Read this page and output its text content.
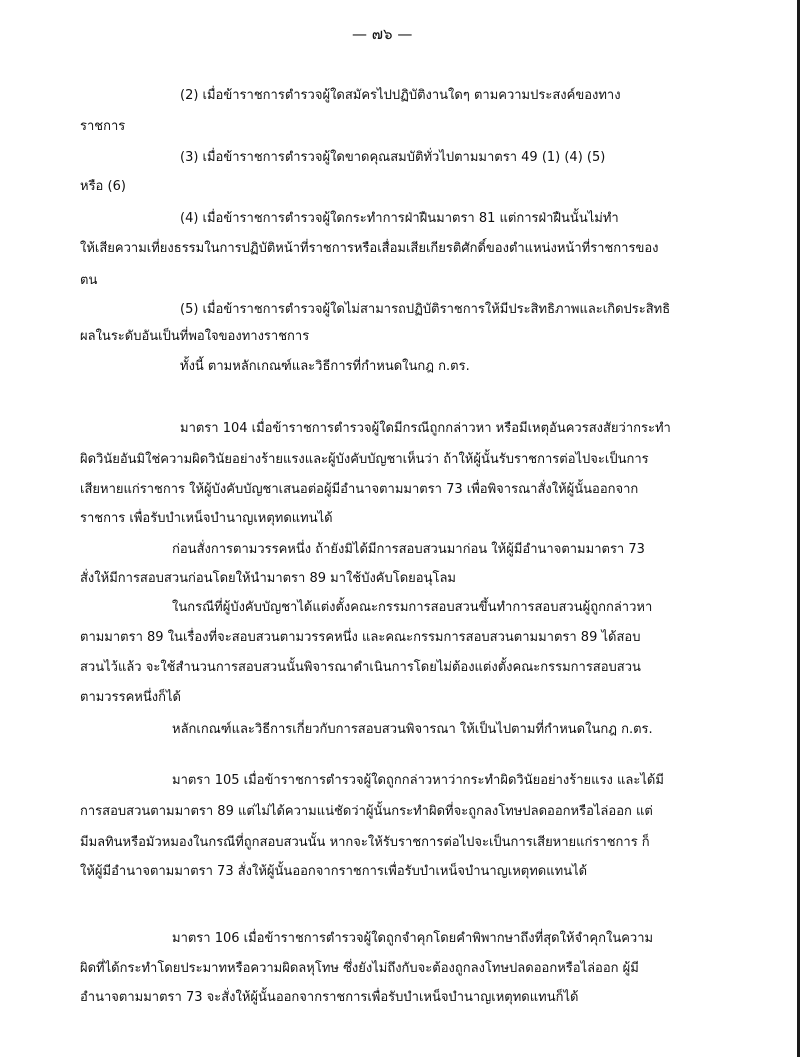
— ๗๖ —
(2) เมื่อข้าราชการตำรวจผู้ใดสมัครไปปฏิบัติงานใดๆ ตามความประสงค์ของทาง
ราชการ
(3) เมื่อข้าราชการตำรวจผู้ใดขาดคุณสมบัติทั่วไปตามมาตรา 49 (1) (4) (5)
หรือ (6)
(4) เมื่อข้าราชการตำรวจผู้ใดกระทำการฝ่าฝืนมาตรา 81 แต่การฝ่าฝืนนั้นไม่ทำ
ให้เสียความเที่ยงธรรมในการปฏิบัติหน้าที่ราชการหรือเสื่อมเสียเกียรติศักดิ์ของตำแหน่งหน้าที่ราชการของ
ตน
(5) เมื่อข้าราชการตำรวจผู้ใดไม่สามารถปฏิบัติราชการให้มีประสิทธิภาพและเกิดประสิทธิ
ผลในระดับอันเป็นที่พอใจของทางราชการ
ทั้งนี้ ตามหลักเกณฑ์และวิธีการที่กำหนดในกฎ ก.ตร.
มาตรา 104 เมื่อข้าราชการตำรวจผู้ใดมีกรณีถูกกล่าวหา หรือมีเหตุอันควรสงสัยว่ากระทำ
ผิดวินัยอันมิใช่ความผิดวินัยอย่างร้ายแรงและผู้บังคับบัญชาเห็นว่า ถ้าให้ผู้นั้นรับราชการต่อไปจะเป็นการ
เสียหายแก่ราชการ ให้ผู้บังคับบัญชาเสนอต่อผู้มีอำนาจตามมาตรา 73 เพื่อพิจารณาสั่งให้ผู้นั้นออกจาก
ราชการ เพื่อรับบำเหน็จบำนาญเหตุทดแทนได้
ก่อนสั่งการตามวรรคหนึ่ง ถ้ายังมิได้มีการสอบสวนมาก่อน ให้ผู้มีอำนาจตามมาตรา 73
สั่งให้มีการสอบสวนก่อนโดยให้นำมาตรา 89 มาใช้บังคับโดยอนุโลม
ในกรณีที่ผู้บังคับบัญชาได้แต่งตั้งคณะกรรมการสอบสวนขึ้นทำการสอบสวนผู้ถูกกล่าวหา
ตามมาตรา 89 ในเรื่องที่จะสอบสวนตามวรรคหนึ่ง และคณะกรรมการสอบสวนตามมาตรา 89 ได้สอบ
สวนไว้แล้ว จะใช้สำนวนการสอบสวนนั้นพิจารณาดำเนินการโดยไม่ต้องแต่งตั้งคณะกรรมการสอบสวน
ตามวรรคหนึ่งก็ได้
หลักเกณฑ์และวิธีการเกี่ยวกับการสอบสวนพิจารณา ให้เป็นไปตามที่กำหนดในกฎ ก.ตร.
มาตรา 105 เมื่อข้าราชการตำรวจผู้ใดถูกกล่าวหาว่ากระทำผิดวินัยอย่างร้ายแรง และได้มี
การสอบสวนตามมาตรา 89 แต่ไม่ได้ความแน่ชัดว่าผู้นั้นกระทำผิดที่จะถูกลงโทษปลดออกหรือไล่ออก แต่
มีมลทินหรือมัวหมองในกรณีที่ถูกสอบสวนนั้น หากจะให้รับราชการต่อไปจะเป็นการเสียหายแก่ราชการ ก็
ให้ผู้มีอำนาจตามมาตรา 73 สั่งให้ผู้นั้นออกจากราชการเพื่อรับบำเหน็จบำนาญเหตุทดแทนได้
มาตรา 106 เมื่อข้าราชการตำรวจผู้ใดถูกจำคุกโดยคำพิพากษาถึงที่สุดให้จำคุกในความ
ผิดที่ได้กระทำโดยประมาทหรือความผิดลหุโทษ ซึ่งยังไม่ถึงกับจะต้องถูกลงโทษปลดออกหรือไล่ออก ผู้มี
อำนาจตามมาตรา 73 จะสั่งให้ผู้นั้นออกจากราชการเพื่อรับบำเหน็จบำนาญเหตุทดแทนก็ได้
